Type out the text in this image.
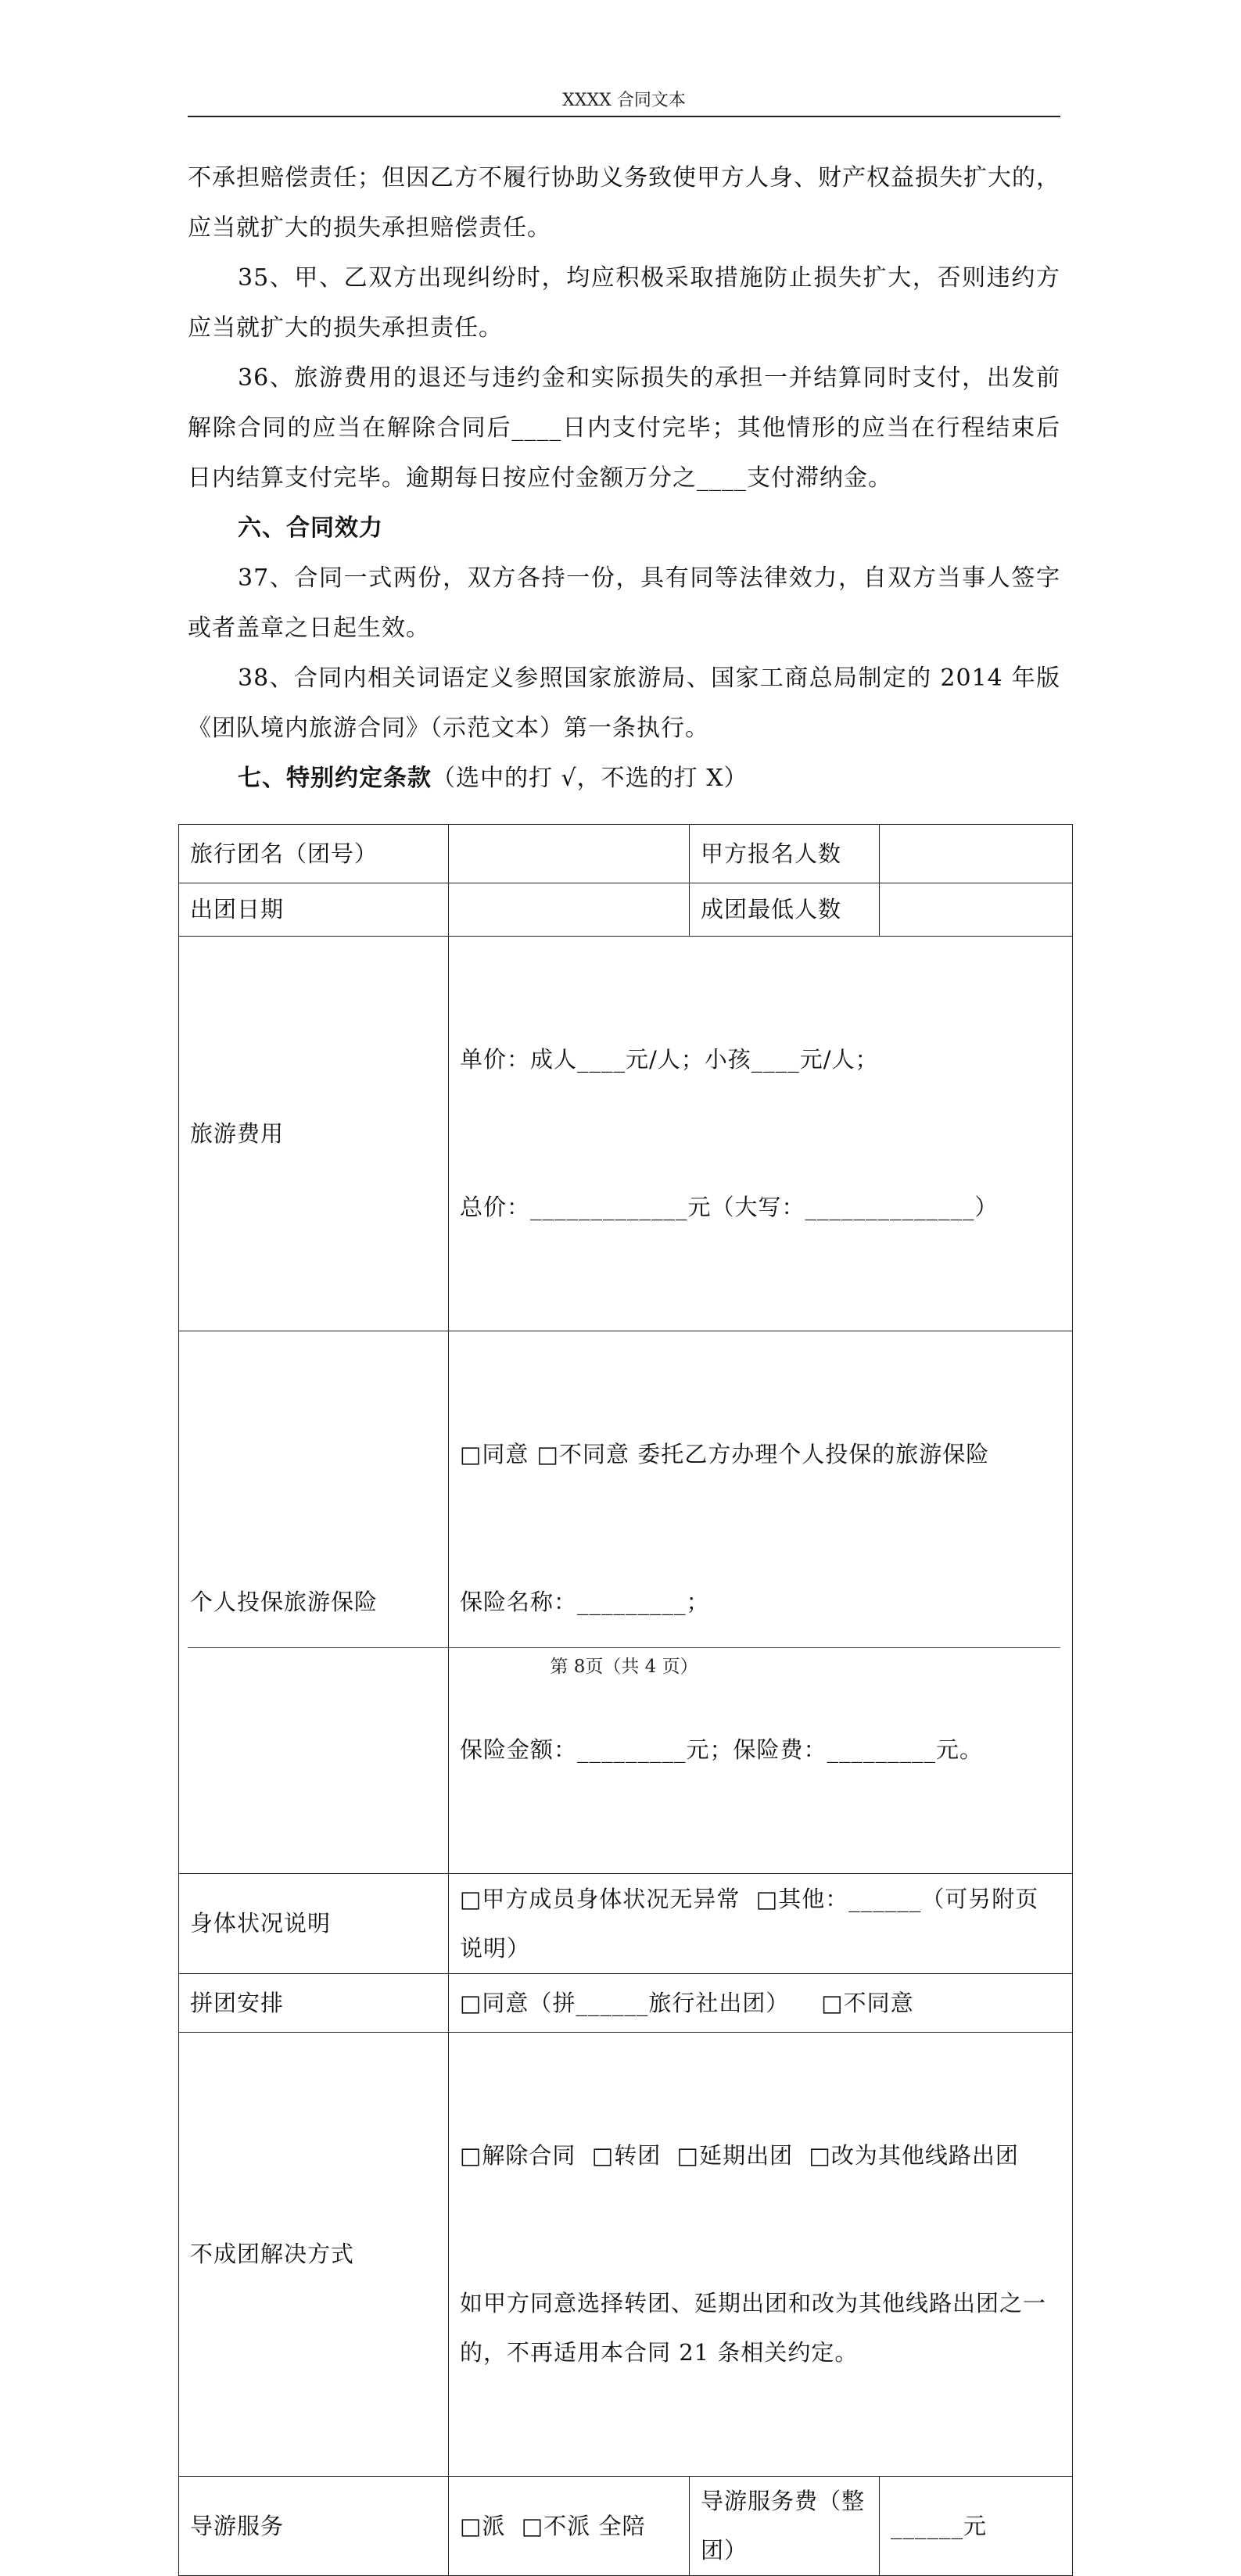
XXXX 合同文本

不承担赔偿责任；但因乙方不履行协助义务致使甲方人身、财产权益损失扩大的，应当就扩大的损失承担赔偿责任。

35、甲、乙双方出现纠纷时，均应积极采取措施防止损失扩大，否则违约方应当就扩大的损失承担责任。

36、旅游费用的退还与违约金和实际损失的承担一并结算同时支付，出发前解除合同的应当在解除合同后____日内支付完毕；其他情形的应当在行程结束后日内结算支付完毕。逾期每日按应付金额万分之____支付滞纳金。

六、合同效力

37、合同一式两份，双方各持一份，具有同等法律效力，自双方当事人签字或者盖章之日起生效。

38、合同内相关词语定义参照国家旅游局、国家工商总局制定的 2014 年版《团队境内旅游合同》（示范文本）第一条执行。

七、特别约定条款（选中的打 √，不选的打 X）

旅行团名（团号）		甲方报名人数	
出团日期		成团最低人数	
旅游费用	单价：成人____元/人；小孩____元/人；

总价：_____________元（大写：______________）		

个人投保旅游保险	□同意 □不同意 委托乙方办理个人投保的旅游保险

保险名称：_________；

保险金额：_________元；保险费：_________元。		

身体状况说明	□甲方成员身体状况无异常  □其他：______（可另附页说明）		
拼团安排	□同意（拼______旅行社出团）    □不同意		
不成团解决方式	□解除合同  □转团  □延期出团  □改为其他线路出团

如甲方同意选择转团、延期出团和改为其他线路出团之一的，不再适用本合同 21 条相关约定。		

导游服务	□派  □不派 全陪	导游服务费（整团）	______元
第 8页（共 4 页）
